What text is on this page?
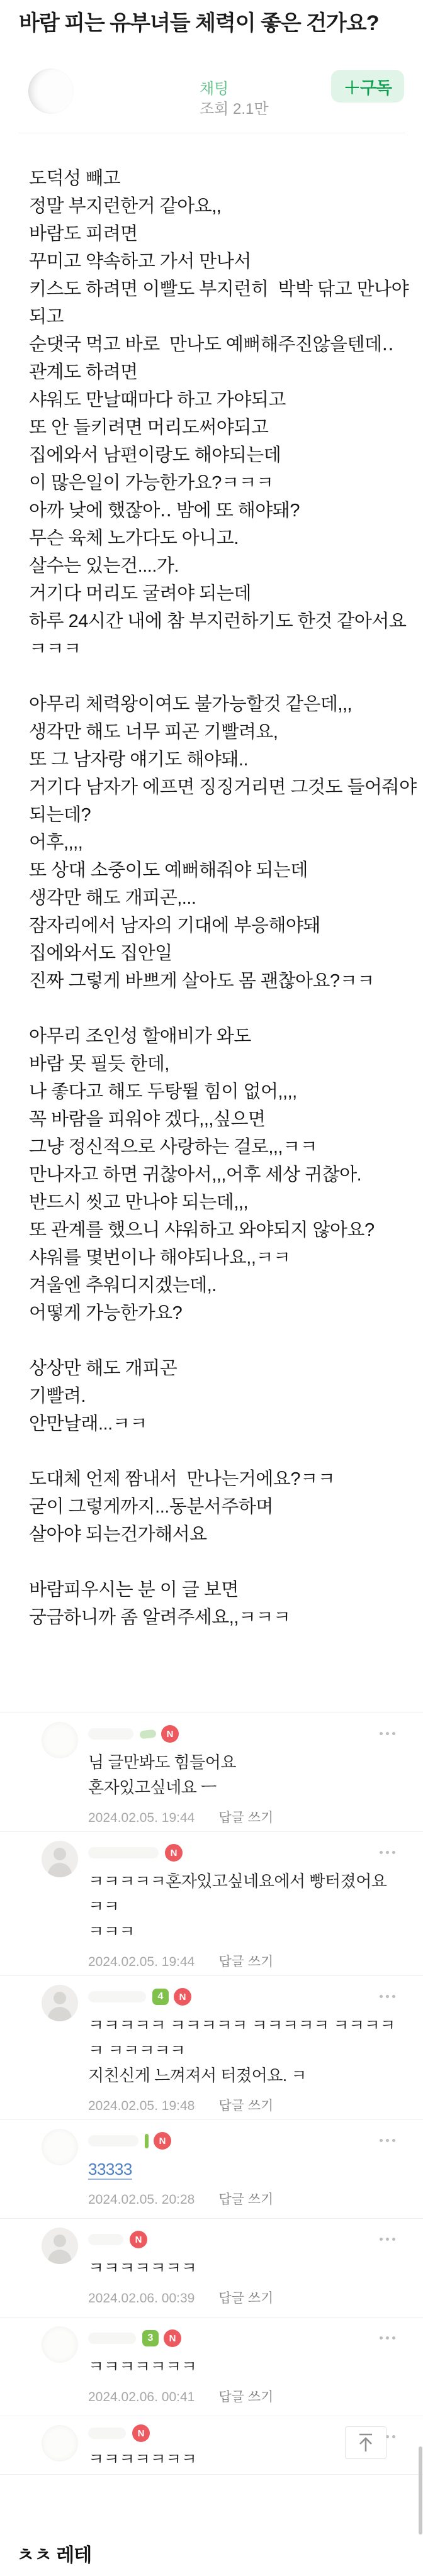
바람 피는 유부녀들 체력이 좋은 건가요?
채팅
조회 2.1만
＋구독
도덕성 빼고
정말 부지런한거 같아요,,
바람도 피려면
꾸미고 약속하고 가서 만나서
키스도 하려면 이빨도 부지런히  박박 닦고 만나야
되고
순댓국 먹고 바로  만나도 예뻐해주진않을텐데‥
관계도 하려면
샤워도 만날때마다 하고 가야되고
또 안 들키려면 머리도써야되고
집에와서 남편이랑도 해야되는데
이 많은일이 가능한가요?ㅋㅋㅋ
아까 낮에 했잖아‥ 밤에 또 해야돼?
무슨 육체 노가다도 아니고.
살수는 있는건....가.
거기다 머리도 굴려야 되는데
하루 24시간 내에 참 부지런하기도 한것 같아서요
ㅋㅋㅋ

아무리 체력왕이여도 불가능할것 같은데,,,
생각만 해도 너무 피곤 기빨려요,
또 그 남자랑 얘기도 해야돼..
거기다 남자가 에프면 징징거리면 그것도 들어줘야
되는데?
어후,,,,
또 상대 소중이도 예뻐해줘야 되는데
생각만 해도 개피곤,...
잠자리에서 남자의 기대에 부응해야돼
집에와서도 집안일
진짜 그렇게 바쁘게 살아도 몸 괜찮아요?ㅋㅋ

아무리 조인성 할애비가 와도
바람 못 필듯 한데,
나 좋다고 해도 두탕뛸 힘이 없어,,,,
꼭 바람을 피워야 겠다,,,싶으면
그냥 정신적으로 사랑하는 걸로,,,ㅋㅋ
만나자고 하면 귀찮아서,,,어후 세상 귀찮아.
반드시 씻고 만나야 되는데,,,
또 관계를 했으니 샤워하고 와야되지 않아요?
샤워를 몇번이나 해야되나요,,ㅋㅋ
겨울엔 추워디지겠는데,.
어떻게 가능한가요?

상상만 해도 개피곤
기빨려.
안만날래...ㅋㅋ

도대체 언제 짬내서  만나는거에요?ㅋㅋ
굳이 그렇게까지...동분서주하며
살아야 되는건가해서요

바람피우시는 분 이 글 보면
궁금하니까 좀 알려주세요,,ㅋㅋㅋ
N
님 글만봐도 힘들어요
혼자있고싶네요 ㅡ
2024.02.05. 19:44 답글 쓰기
N
ㅋㅋㅋㅋㅋ혼자있고싶네요에서 빵터졌어요 ㅋㅋ
ㅋㅋㅋ
2024.02.05. 19:44 답글 쓰기
4	N
ㅋㅋㅋㅋㅋ ㅋㅋㅋㅋㅋ ㅋㅋㅋㅋㅋ ㅋㅋㅋㅋㅋ ㅋㅋㅋㅋㅋ
지친신게 느껴져서 터졌어요. ㅋ
2024.02.05. 19:48 답글 쓰기
N
33333
2024.02.05. 20:28 답글 쓰기
N
ㅋㅋㅋㅋㅋㅋㅋ
2024.02.06. 00:39 답글 쓰기
3	N
ㅋㅋㅋㅋㅋㅋㅋ
2024.02.06. 00:41 답글 쓰기
N
ㅋㅋㅋㅋㅋㅋㅋ
ㅊㅊ 레테
